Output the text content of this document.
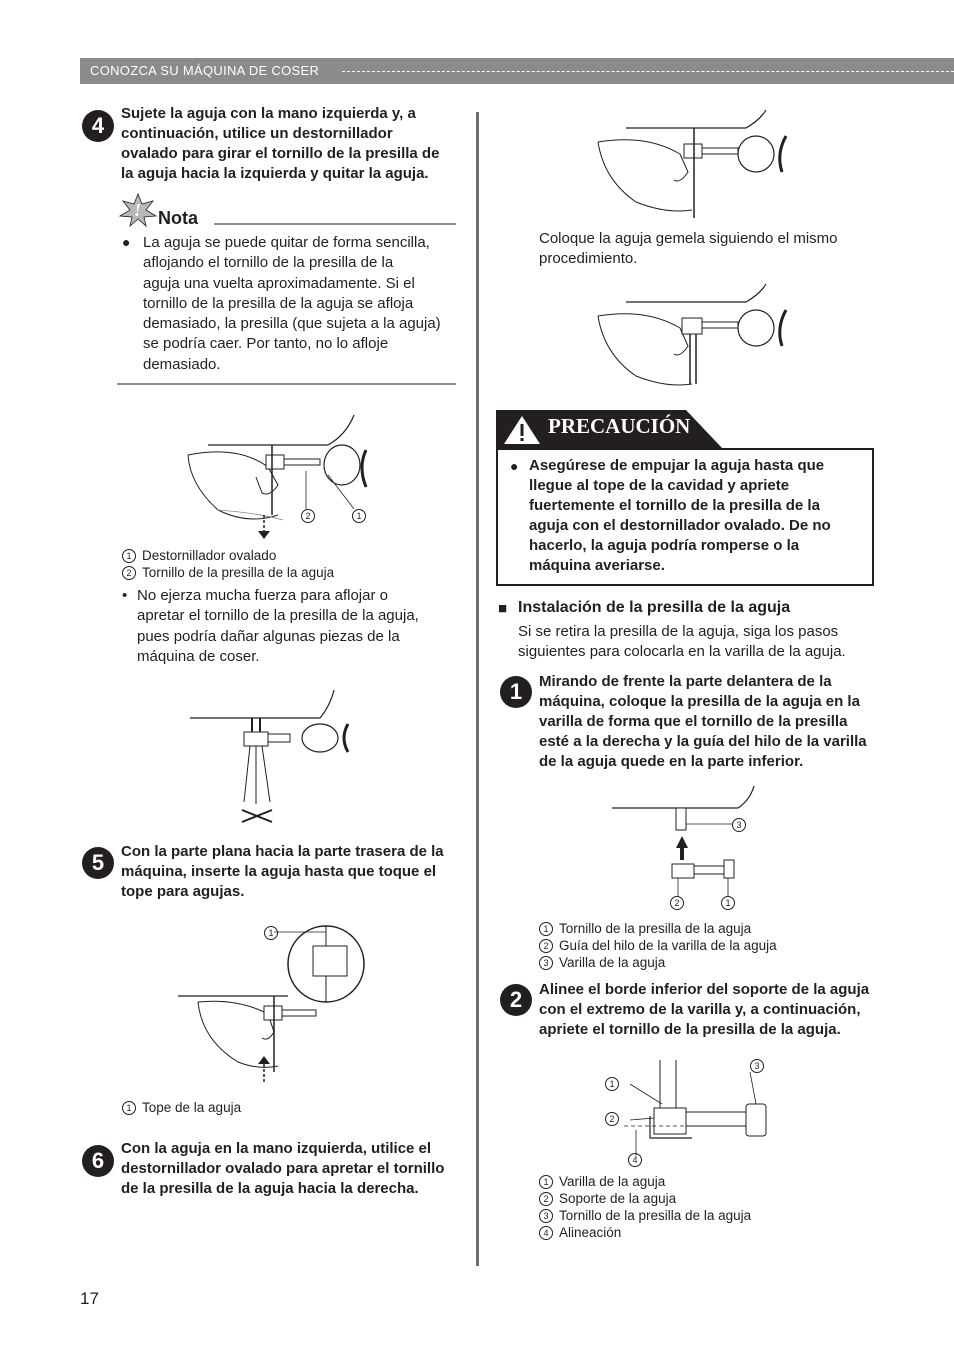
CONOZCA SU MÁQUINA DE COSER
4	Sujete la aguja con la mano izquierda y, a
continuación, utilice un destornillador
ovalado para girar el tornillo de la presilla de
la aguja hacia la izquierda y quitar la aguja.
! Nota
● La aguja se puede quitar de forma sencilla,
aflojando el tornillo de la presilla de la
aguja una vuelta aproximadamente. Si el
tornillo de la presilla de la aguja se afloja
demasiado, la presilla (que sujeta a la aguja)
se podría caer. Por tanto, no lo afloje
demasiado.
2	1
1 Destornillador ovalado
2 Tornillo de la presilla de la aguja
• No ejerza mucha fuerza para aflojar o
apretar el tornillo de la presilla de la aguja,
pues podría dañar algunas piezas de la
máquina de coser.
5	Con la parte plana hacia la parte trasera de la
máquina, inserte la aguja hasta que toque el
tope para agujas.
1
1 Tope de la aguja
6	Con la aguja en la mano izquierda, utilice el
destornillador ovalado para apretar el tornillo
de la presilla de la aguja hacia la derecha.
Coloque la aguja gemela siguiendo el mismo
procedimiento.
PRECAUCIÓN
● Asegúrese de empujar la aguja hasta que
llegue al tope de la cavidad y apriete
fuertemente el tornillo de la presilla de la
aguja con el destornillador ovalado. De no
hacerlo, la aguja podría romperse o la
máquina averiarse.
■ Instalación de la presilla de la aguja
Si se retira la presilla de la aguja, siga los pasos
siguientes para colocarla en la varilla de la aguja.
1	Mirando de frente la parte delantera de la
máquina, coloque la presilla de la aguja en la
varilla de forma que el tornillo de la presilla
esté a la derecha y la guía del hilo de la varilla
de la aguja quede en la parte inferior.
3
2	1
1 Tornillo de la presilla de la aguja
2 Guía del hilo de la varilla de la aguja
3 Varilla de la aguja
2	Alinee el borde inferior del soporte de la aguja
con el extremo de la varilla y, a continuación,
apriete el tornillo de la presilla de la aguja.
3
1
2
4
1 Varilla de la aguja
2 Soporte de la aguja
3 Tornillo de la presilla de la aguja
4 Alineación
17
